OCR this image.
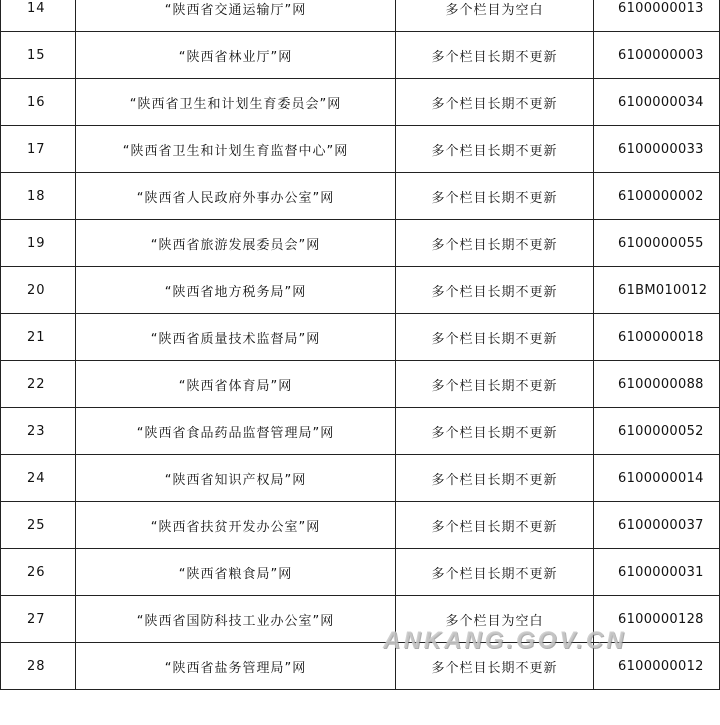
14	“陕西省交通运输厅”网	多个栏目为空白	6100000013
15	“陕西省林业厅”网	多个栏目长期不更新	6100000003
16	“陕西省卫生和计划生育委员会”网	多个栏目长期不更新	6100000034
17	“陕西省卫生和计划生育监督中心”网	多个栏目长期不更新	6100000033
18	“陕西省人民政府外事办公室”网	多个栏目长期不更新	6100000002
19	“陕西省旅游发展委员会”网	多个栏目长期不更新	6100000055
20	“陕西省地方税务局”网	多个栏目长期不更新	61BM010012
21	“陕西省质量技术监督局”网	多个栏目长期不更新	6100000018
22	“陕西省体育局”网	多个栏目长期不更新	6100000088
23	“陕西省食品药品监督管理局”网	多个栏目长期不更新	6100000052
24	“陕西省知识产权局”网	多个栏目长期不更新	6100000014
25	“陕西省扶贫开发办公室”网	多个栏目长期不更新	6100000037
26	“陕西省粮食局”网	多个栏目长期不更新	6100000031
27	“陕西省国防科技工业办公室”网	多个栏目为空白	6100000128
28	“陕西省盐务管理局”网	多个栏目长期不更新	6100000012
ANKANG.GOV.CN
